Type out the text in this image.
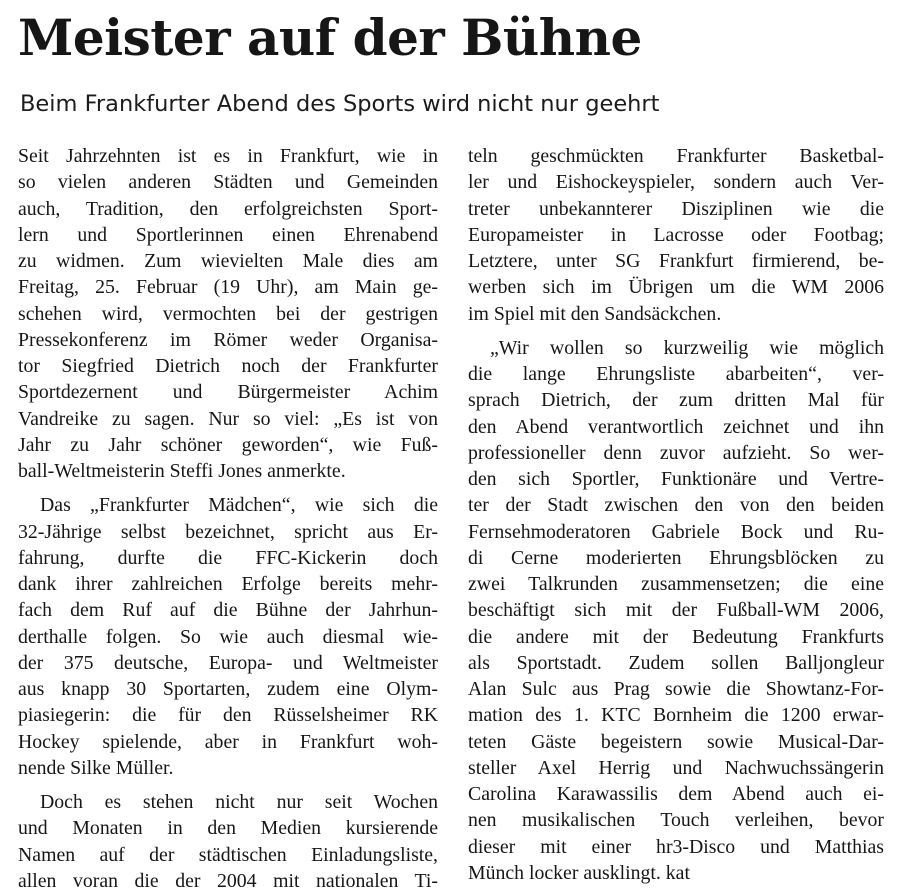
Meister auf der Bühne
Beim Frankfurter Abend des Sports wird nicht nur geehrt
Seit Jahrzehnten ist es in Frankfurt, wie in
so vielen anderen Städten und Gemeinden
auch, Tradition, den erfolgreichsten Sport-
lern und Sportlerinnen einen Ehrenabend
zu widmen. Zum wievielten Male dies am
Freitag, 25. Februar (19 Uhr), am Main ge-
schehen wird, vermochten bei der gestrigen
Pressekonferenz im Römer weder Organisa-
tor Siegfried Dietrich noch der Frankfurter
Sportdezernent und Bürgermeister Achim
Vandreike zu sagen. Nur so viel: „Es ist von
Jahr zu Jahr schöner geworden“, wie Fuß-
ball-Weltmeisterin Steffi Jones anmerkte.
Das „Frankfurter Mädchen“, wie sich die
32-Jährige selbst bezeichnet, spricht aus Er-
fahrung, durfte die FFC-Kickerin doch
dank ihrer zahlreichen Erfolge bereits mehr-
fach dem Ruf auf die Bühne der Jahrhun-
derthalle folgen. So wie auch diesmal wie-
der 375 deutsche, Europa- und Weltmeister
aus knapp 30 Sportarten, zudem eine Olym-
piasiegerin: die für den Rüsselsheimer RK
Hockey spielende, aber in Frankfurt woh-
nende Silke Müller.
Doch es stehen nicht nur seit Wochen
und Monaten in den Medien kursierende
Namen auf der städtischen Einladungsliste,
allen voran die der 2004 mit nationalen Ti-
teln geschmückten Frankfurter Basketbal-
ler und Eishockeyspieler, sondern auch Ver-
treter unbekannterer Disziplinen wie die
Europameister in Lacrosse oder Footbag;
Letztere, unter SG Frankfurt firmierend, be-
werben sich im Übrigen um die WM 2006
im Spiel mit den Sandsäckchen.
„Wir wollen so kurzweilig wie möglich
die lange Ehrungsliste abarbeiten“, ver-
sprach Dietrich, der zum dritten Mal für
den Abend verantwortlich zeichnet und ihn
professioneller denn zuvor aufzieht. So wer-
den sich Sportler, Funktionäre und Vertre-
ter der Stadt zwischen den von den beiden
Fernsehmoderatoren Gabriele Bock und Ru-
di Cerne moderierten Ehrungsblöcken zu
zwei Talkrunden zusammensetzen; die eine
beschäftigt sich mit der Fußball-WM 2006,
die andere mit der Bedeutung Frankfurts
als Sportstadt. Zudem sollen Balljongleur
Alan Sulc aus Prag sowie die Showtanz-For-
mation des 1. KTC Bornheim die 1200 erwar-
teten Gäste begeistern sowie Musical-Dar-
steller Axel Herrig und Nachwuchssängerin
Carolina Karawassilis dem Abend auch ei-
nen musikalischen Touch verleihen, bevor
dieser mit einer hr3-Disco und Matthias
Münch locker ausklingt. kat
